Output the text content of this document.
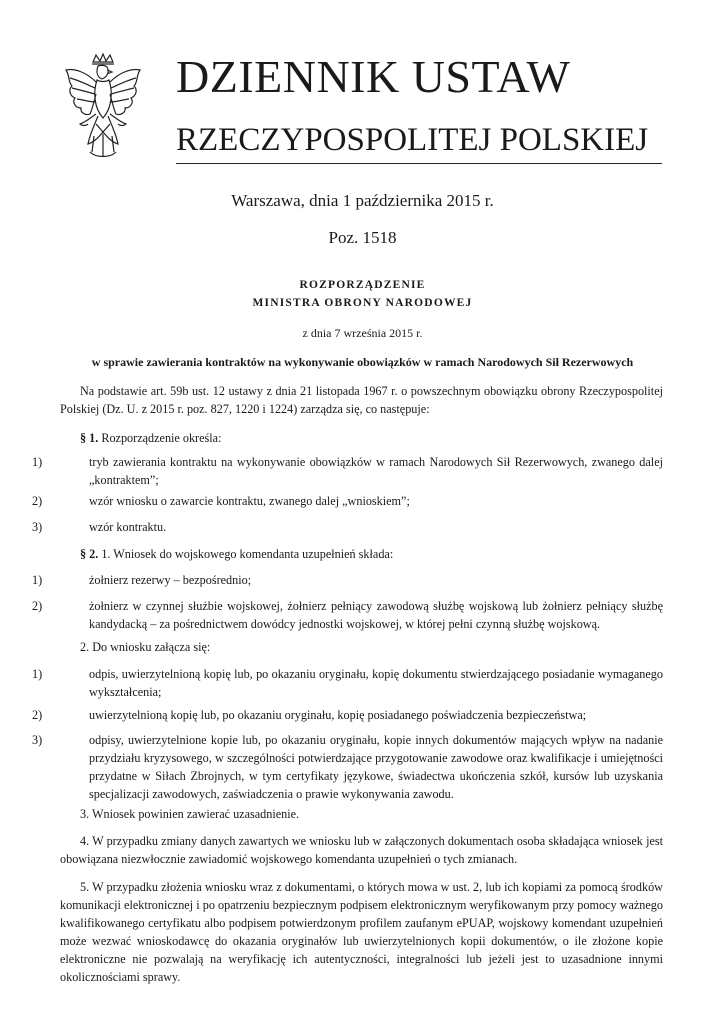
DZIENNIK USTAW
RZECZYPOSPOLITEJ POLSKIEJ
Warszawa, dnia 1 października 2015 r.
Poz. 1518
ROZPORZĄDZENIE
MINISTRA OBRONY NARODOWEJ
z dnia 7 września 2015 r.
w sprawie zawierania kontraktów na wykonywanie obowiązków w ramach Narodowych Sił Rezerwowych
Na podstawie art. 59b ust. 12 ustawy z dnia 21 listopada 1967 r. o powszechnym obowiązku obrony Rzeczypospolitej Polskiej (Dz. U. z 2015 r. poz. 827, 1220 i 1224) zarządza się, co następuje:
§ 1. Rozporządzenie określa:
1)	tryb zawierania kontraktu na wykonywanie obowiązków w ramach Narodowych Sił Rezerwowych, zwanego dalej „kontraktem”;
2)	wzór wniosku o zawarcie kontraktu, zwanego dalej „wnioskiem”;
3)	wzór kontraktu.
§ 2. 1. Wniosek do wojskowego komendanta uzupełnień składa:
1)	żołnierz rezerwy – bezpośrednio;
2)	żołnierz w czynnej służbie wojskowej, żołnierz pełniący zawodową służbę wojskową lub żołnierz pełniący służbę kandydacką – za pośrednictwem dowódcy jednostki wojskowej, w której pełni czynną służbę wojskową.
2. Do wniosku załącza się:
1)	odpis, uwierzytelnioną kopię lub, po okazaniu oryginału, kopię dokumentu stwierdzającego posiadanie wymaganego wykształcenia;
2)	uwierzytelnioną kopię lub, po okazaniu oryginału, kopię posiadanego poświadczenia bezpieczeństwa;
3)	odpisy, uwierzytelnione kopie lub, po okazaniu oryginału, kopie innych dokumentów mających wpływ na nadanie przydziału kryzysowego, w szczególności potwierdzające przygotowanie zawodowe oraz kwalifikacje i umiejętności przydatne w Siłach Zbrojnych, w tym certyfikaty językowe, świadectwa ukończenia szkół, kursów lub uzyskania specjalizacji zawodowych, zaświadczenia o prawie wykonywania zawodu.
3. Wniosek powinien zawierać uzasadnienie.
4. W przypadku zmiany danych zawartych we wniosku lub w załączonych dokumentach osoba składająca wniosek jest obowiązana niezwłocznie zawiadomić wojskowego komendanta uzupełnień o tych zmianach.
5. W przypadku złożenia wniosku wraz z dokumentami, o których mowa w ust. 2, lub ich kopiami za pomocą środków komunikacji elektronicznej i po opatrzeniu bezpiecznym podpisem elektronicznym weryfikowanym przy pomocy ważnego kwalifikowanego certyfikatu albo podpisem potwierdzonym profilem zaufanym ePUAP, wojskowy komendant uzupełnień może wezwać wnioskodawcę do okazania oryginałów lub uwierzytelnionych kopii dokumentów, o ile złożone kopie elektroniczne nie pozwalają na weryfikację ich autentyczności, integralności lub jeżeli jest to uzasadnione innymi okolicznościami sprawy.
